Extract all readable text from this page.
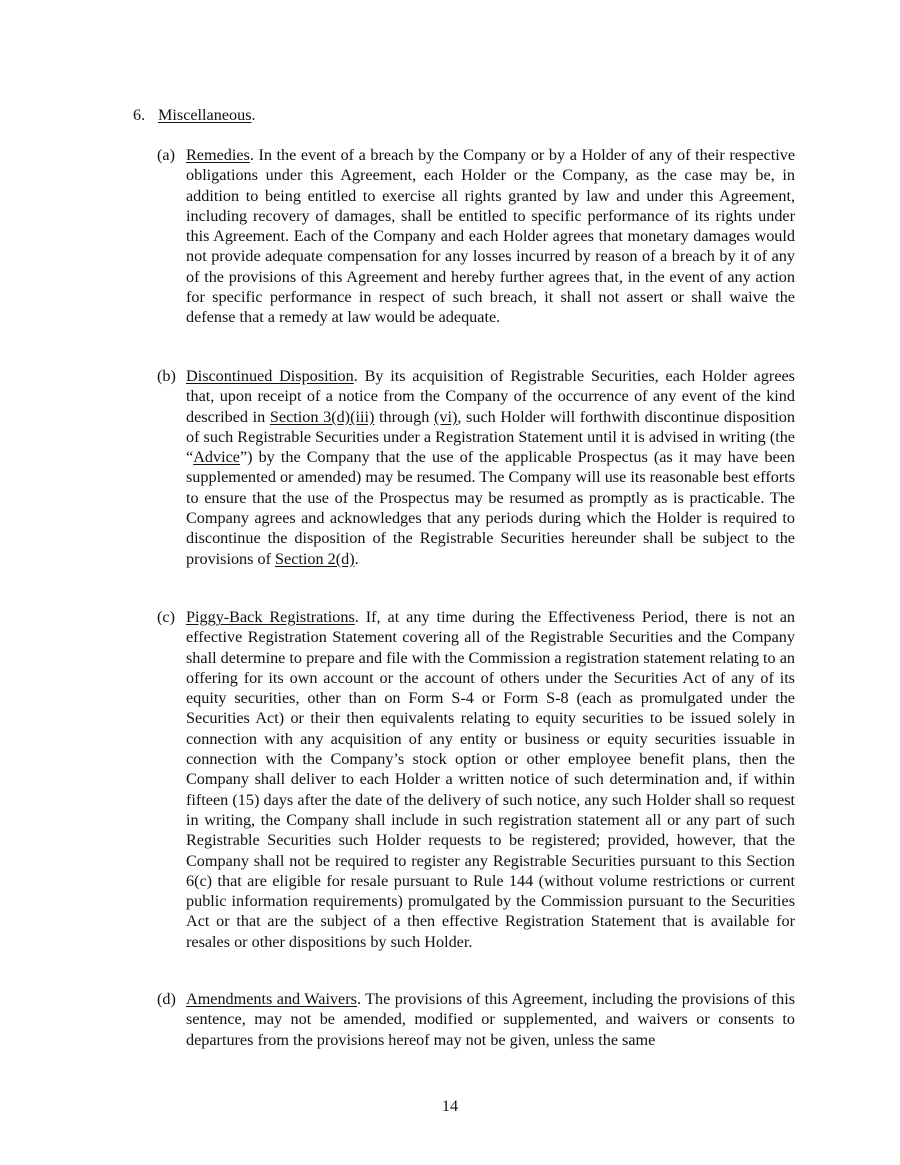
6. Miscellaneous.
(a) Remedies. In the event of a breach by the Company or by a Holder of any of their respective obligations under this Agreement, each Holder or the Company, as the case may be, in addition to being entitled to exercise all rights granted by law and under this Agreement, including recovery of damages, shall be entitled to specific performance of its rights under this Agreement. Each of the Company and each Holder agrees that monetary damages would not provide adequate compensation for any losses incurred by reason of a breach by it of any of the provisions of this Agreement and hereby further agrees that, in the event of any action for specific performance in respect of such breach, it shall not assert or shall waive the defense that a remedy at law would be adequate.
(b) Discontinued Disposition. By its acquisition of Registrable Securities, each Holder agrees that, upon receipt of a notice from the Company of the occurrence of any event of the kind described in Section 3(d)(iii) through (vi), such Holder will forthwith discontinue disposition of such Registrable Securities under a Registration Statement until it is advised in writing (the “Advice”) by the Company that the use of the applicable Prospectus (as it may have been supplemented or amended) may be resumed. The Company will use its reasonable best efforts to ensure that the use of the Prospectus may be resumed as promptly as is practicable. The Company agrees and acknowledges that any periods during which the Holder is required to discontinue the disposition of the Registrable Securities hereunder shall be subject to the provisions of Section 2(d).
(c) Piggy-Back Registrations. If, at any time during the Effectiveness Period, there is not an effective Registration Statement covering all of the Registrable Securities and the Company shall determine to prepare and file with the Commission a registration statement relating to an offering for its own account or the account of others under the Securities Act of any of its equity securities, other than on Form S-4 or Form S-8 (each as promulgated under the Securities Act) or their then equivalents relating to equity securities to be issued solely in connection with any acquisition of any entity or business or equity securities issuable in connection with the Company’s stock option or other employee benefit plans, then the Company shall deliver to each Holder a written notice of such determination and, if within fifteen (15) days after the date of the delivery of such notice, any such Holder shall so request in writing, the Company shall include in such registration statement all or any part of such Registrable Securities such Holder requests to be registered; provided, however, that the Company shall not be required to register any Registrable Securities pursuant to this Section 6(c) that are eligible for resale pursuant to Rule 144 (without volume restrictions or current public information requirements) promulgated by the Commission pursuant to the Securities Act or that are the subject of a then effective Registration Statement that is available for resales or other dispositions by such Holder.
(d) Amendments and Waivers. The provisions of this Agreement, including the provisions of this sentence, may not be amended, modified or supplemented, and waivers or consents to departures from the provisions hereof may not be given, unless the same
14
